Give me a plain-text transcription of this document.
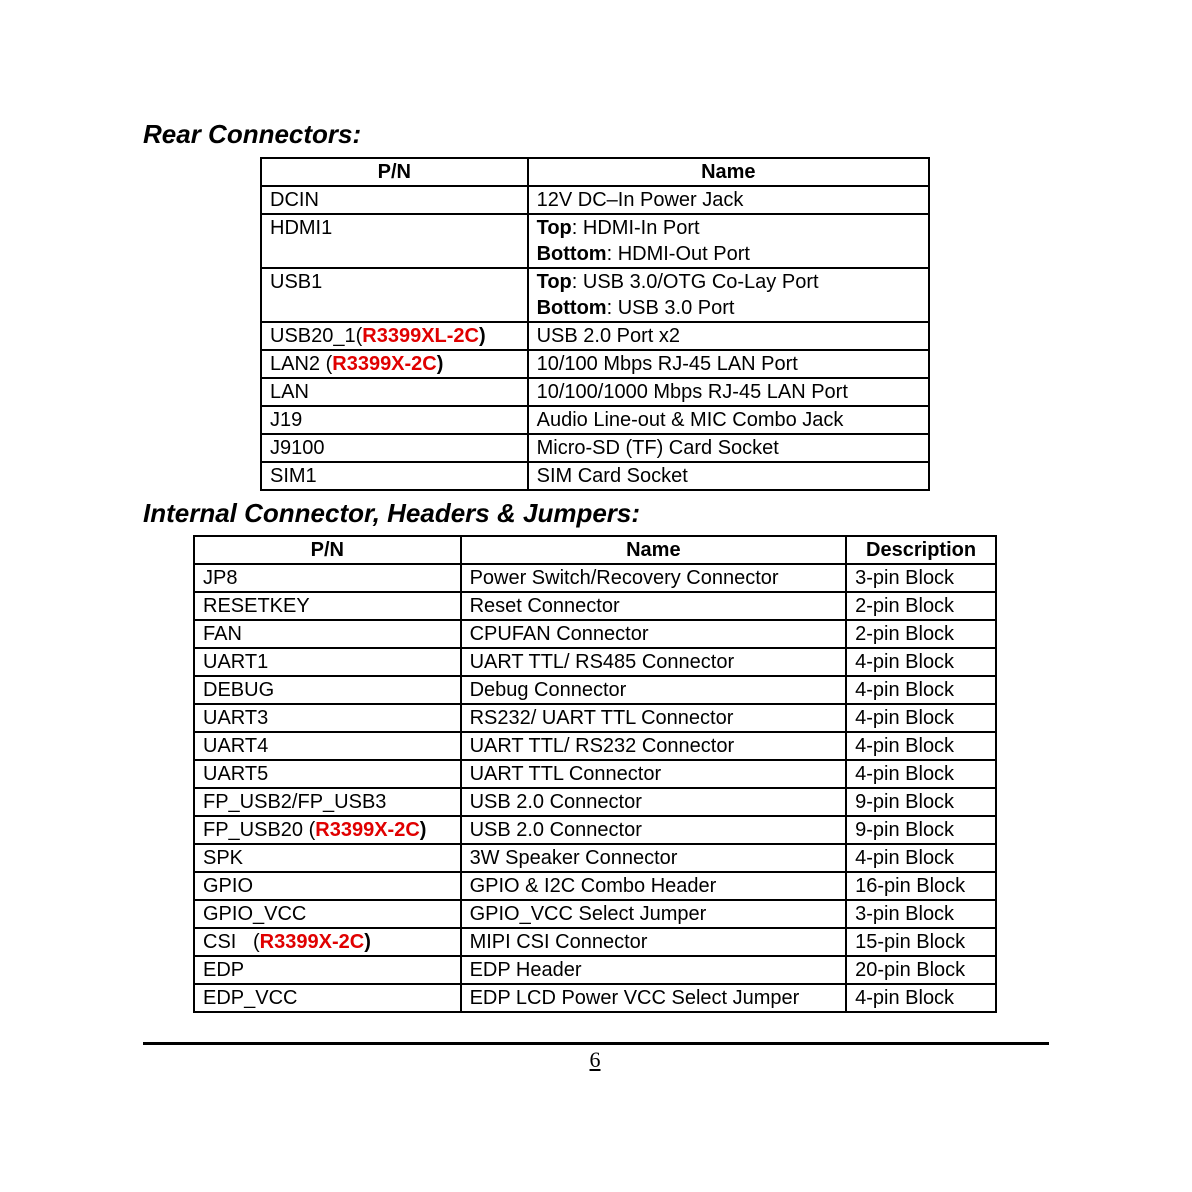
Rear Connectors:
P/N	Name
DCIN	12V DC–In Power Jack
HDMI1	Top: HDMI-In Port
Bottom: HDMI-Out Port

USB1	Top: USB 3.0/OTG Co-Lay Port
Bottom: USB 3.0 Port

USB20_1(R3399XL-2C)	USB 2.0 Port x2
LAN2 (R3399X-2C)	10/100 Mbps RJ-45 LAN Port
LAN	10/100/1000 Mbps RJ-45 LAN Port
J19	Audio Line-out & MIC Combo Jack
J9100	Micro-SD (TF) Card Socket
SIM1	SIM Card Socket
Internal Connector, Headers & Jumpers:
P/N	Name	Description
JP8	Power Switch/Recovery Connector	3-pin Block
RESETKEY	Reset Connector	2-pin Block
FAN	CPUFAN Connector	2-pin Block
UART1	UART TTL/ RS485 Connector	4-pin Block
DEBUG	Debug Connector	4-pin Block
UART3	RS232/ UART TTL Connector	4-pin Block
UART4	UART TTL/ RS232 Connector	4-pin Block
UART5	UART TTL Connector	4-pin Block
FP_USB2/FP_USB3	USB 2.0 Connector	9-pin Block
FP_USB20 (R3399X-2C)	USB 2.0 Connector	9-pin Block
SPK	3W Speaker Connector	4-pin Block
GPIO	GPIO & I2C Combo Header	16-pin Block
GPIO_VCC	GPIO_VCC Select Jumper	3-pin Block
CSI   (R3399X-2C)	MIPI CSI Connector	15-pin Block
EDP	EDP Header	20-pin Block
EDP_VCC	EDP LCD Power VCC Select Jumper	4-pin Block
6
